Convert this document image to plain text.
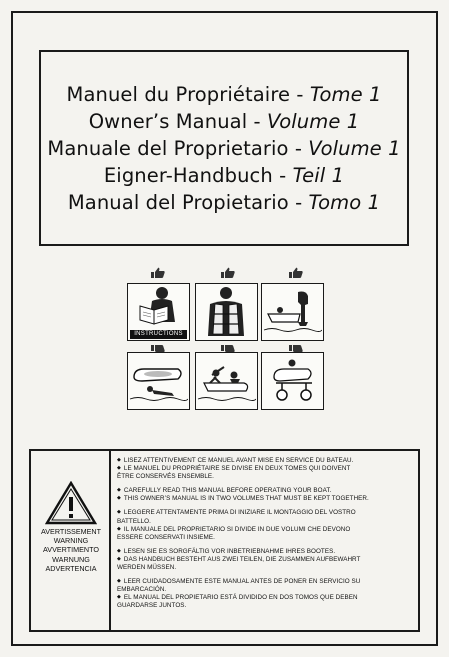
Manuel du Propriétaire - Tome 1
Owner’s Manual - Volume 1
Manuale del Proprietario - Volume 1
Eigner-Handbuch - Teil 1
Manual del Propietario - Tomo 1
INSTRUCTIONS
AVERTISSEMENT
WARNING
AVVERTIMENTO
WARNUNG
ADVERTENCIA
◆ LISEZ ATTENTIVEMENT CE MANUEL AVANT MISE EN SERVICE DU BATEAU.
◆ LE MANUEL DU PROPRIÉTAIRE SE DIVISE EN DEUX TOMES QUI DOIVENT
ÊTRE CONSERVÉS ENSEMBLE.
◆ CAREFULLY READ THIS MANUAL BEFORE OPERATING YOUR BOAT.
◆ THIS OWNER’S MANUAL IS IN TWO VOLUMES THAT MUST BE KEPT TOGETHER.
◆ LEGGERE ATTENTAMENTE PRIMA DI INIZIARE IL MONTAGGIO DEL VOSTRO
BATTELLO.
◆ IL MANUALE DEL PROPRIETARIO SI DIVIDE IN DUE VOLUMI CHE DEVONO
ESSERE CONSERVATI INSIEME.
◆ LESEN SIE ES SORGFÄLTIG VOR INBETRIEBNAHME IHRES BOOTES.
◆ DAS HANDBUCH BESTEHT AUS ZWEI TEILEN, DIE ZUSAMMEN AUFBEWAHRT
WERDEN MÜSSEN.
◆ LEER CUIDADOSAMENTE ESTE MANUAL ANTES DE PONER EN SERVICIO SU
EMBARCACIÓN.
◆ EL MANUAL DEL PROPIETARIO ESTÁ DIVIDIDO EN DOS TOMOS QUE DEBEN
GUARDARSE JUNTOS.
